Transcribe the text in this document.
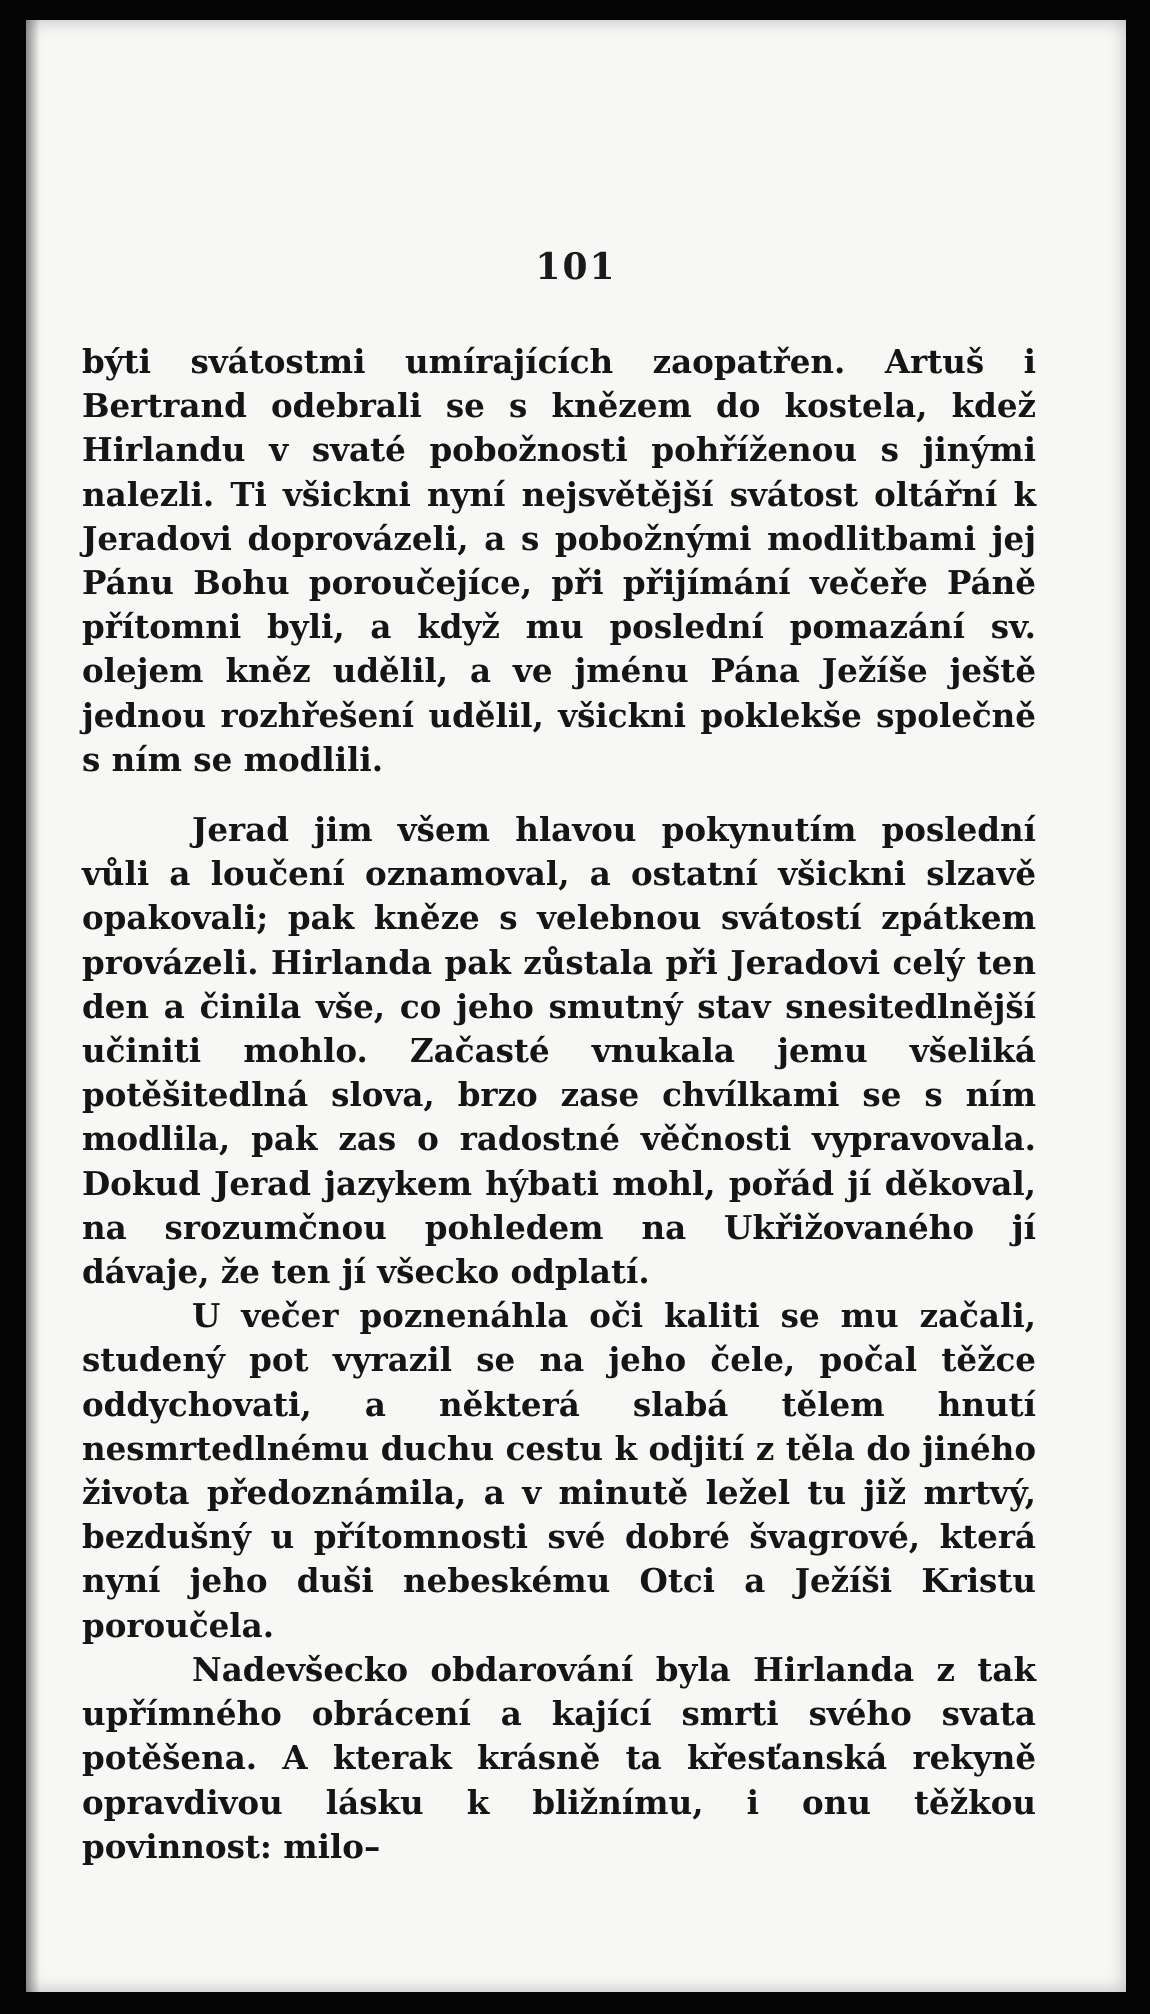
101

býti svátostmi umírajících zaopatřen. Artuš i Bertrand odebrali se s knězem do kostela, kdež Hirlandu v svaté pobožnosti pohříženou s jinými nalezli. Ti všickni nyní nejsvětější svátost oltářní k Jeradovi doprovázeli, a s pobožnými modlitbami jej Pánu Bohu poroučejíce, při přijímání večeře Páně přítomni byli, a když mu poslední pomazání sv. olejem kněz udělil, a ve jménu Pána Ježíše ještě jednou rozhřešení udělil, všickni poklekše společně s ním se modlili.

Jerad jim všem hlavou pokynutím poslední vůli a loučení oznamoval, a ostatní všickni slzavě opakovali; pak kněze s velebnou svátostí zpátkem provázeli. Hirlanda pak zůstala při Jeradovi celý ten den a činila vše, co jeho smutný stav snesitedlnější učiniti mohlo. Začasté vnukala jemu všeliká potěšitedlná slova, brzo zase chvílkami se s ním modlila, pak zas o radostné věčnosti vypravovala. Dokud Jerad jazykem hýbati mohl, pořád jí děkoval, na srozumčnou pohledem na Ukřižovaného jí dávaje, že ten jí všecko odplatí.

U večer poznenáhla oči kaliti se mu začali, studený pot vyrazil se na jeho čele, počal těžce oddychovati, a některá slabá tělem hnutí nesmrtedlnému duchu cestu k odjití z těla do jiného života předoznámila, a v minutě ležel tu již mrtvý, bezdušný u přítomnosti své dobré švagrové, která nyní jeho duši nebeskému Otci a Ježíši Kristu poroučela.

Nadevšecko obdarování byla Hirlanda z tak upřímného obrácení a kající smrti svého svata potěšena. A kterak krásně ta křesťanská rekyně opravdivou lásku k bližnímu, i onu těžkou povinnost: milo–
